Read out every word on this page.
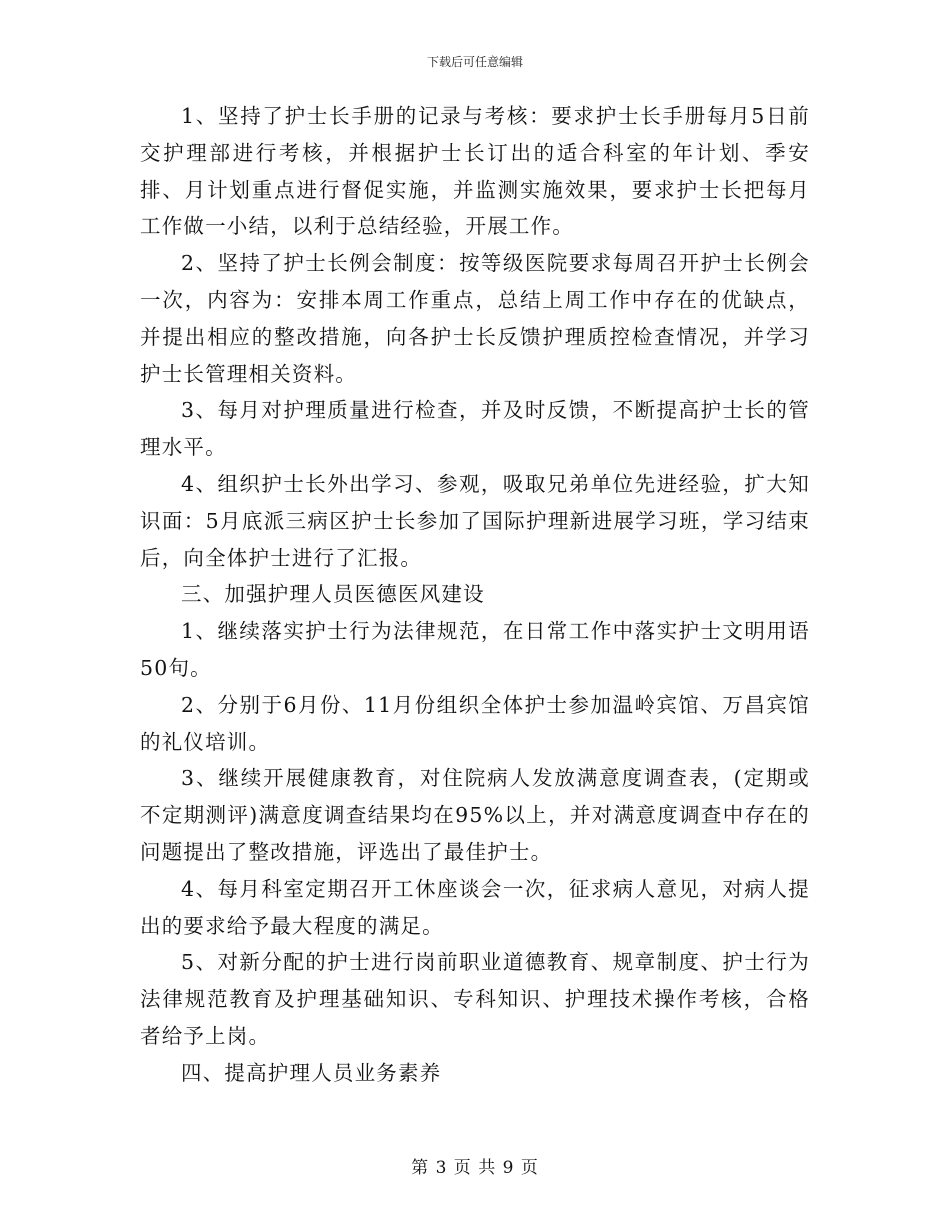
下载后可任意编辑

1、坚持了护士长手册的记录与考核：要求护士长手册每月5日前交护理部进行考核，并根据护士长订出的适合科室的年计划、季安排、月计划重点进行督促实施，并监测实施效果，要求护士长把每月工作做一小结，以利于总结经验，开展工作。

2、坚持了护士长例会制度：按等级医院要求每周召开护士长例会一次，内容为：安排本周工作重点，总结上周工作中存在的优缺点，并提出相应的整改措施，向各护士长反馈护理质控检查情况，并学习护士长管理相关资料。

3、每月对护理质量进行检查，并及时反馈，不断提高护士长的管理水平。

4、组织护士长外出学习、参观，吸取兄弟单位先进经验，扩大知识面：5月底派三病区护士长参加了国际护理新进展学习班，学习结束后，向全体护士进行了汇报。

三、加强护理人员医德医风建设

1、继续落实护士行为法律规范，在日常工作中落实护士文明用语50句。

2、分别于6月份、11月份组织全体护士参加温岭宾馆、万昌宾馆的礼仪培训。

3、继续开展健康教育，对住院病人发放满意度调查表，(定期或不定期测评)满意度调查结果均在95%以上，并对满意度调查中存在的问题提出了整改措施，评选出了最佳护士。

4、每月科室定期召开工休座谈会一次，征求病人意见，对病人提出的要求给予最大程度的满足。

5、对新分配的护士进行岗前职业道德教育、规章制度、护士行为法律规范教育及护理基础知识、专科知识、护理技术操作考核，合格者给予上岗。

四、提高护理人员业务素养

第 3 页 共 9 页
